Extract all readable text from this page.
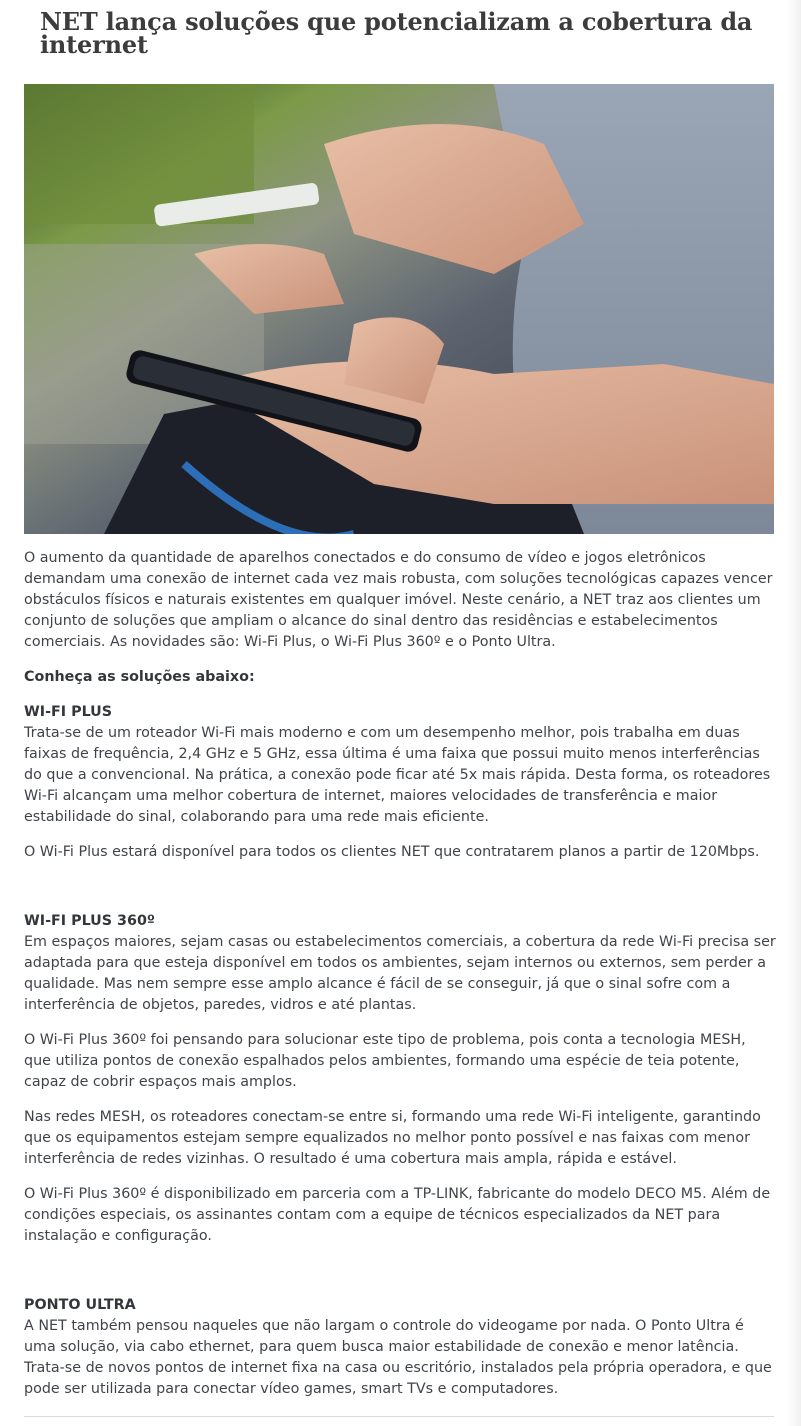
NET lança soluções que potencializam a cobertura da internet

O aumento da quantidade de aparelhos conectados e do consumo de vídeo e jogos eletrônicos demandam uma conexão de internet cada vez mais robusta, com soluções tecnológicas capazes vencer obstáculos físicos e naturais existentes em qualquer imóvel. Neste cenário, a NET traz aos clientes um conjunto de soluções que ampliam o alcance do sinal dentro das residências e estabelecimentos comerciais. As novidades são: Wi-Fi Plus, o Wi-Fi Plus 360º e o Ponto Ultra.

Conheça as soluções abaixo:

WI-FI PLUS

Trata-se de um roteador Wi-Fi mais moderno e com um desempenho melhor, pois trabalha em duas faixas de frequência, 2,4 GHz e 5 GHz, essa última é uma faixa que possui muito menos interferências do que a convencional. Na prática, a conexão pode ficar até 5x mais rápida. Desta forma, os roteadores Wi-Fi alcançam uma melhor cobertura de internet, maiores velocidades de transferência e maior estabilidade do sinal, colaborando para uma rede mais eficiente.

O Wi-Fi Plus estará disponível para todos os clientes NET que contratarem planos a partir de 120Mbps.

WI-FI PLUS 360º

Em espaços maiores, sejam casas ou estabelecimentos comerciais, a cobertura da rede Wi-Fi precisa ser adaptada para que esteja disponível em todos os ambientes, sejam internos ou externos, sem perder a qualidade. Mas nem sempre esse amplo alcance é fácil de se conseguir, já que o sinal sofre com a interferência de objetos, paredes, vidros e até plantas.

O Wi-Fi Plus 360º foi pensando para solucionar este tipo de problema, pois conta a tecnologia MESH, que utiliza pontos de conexão espalhados pelos ambientes, formando uma espécie de teia potente, capaz de cobrir espaços mais amplos.

Nas redes MESH, os roteadores conectam-se entre si, formando uma rede Wi-Fi inteligente, garantindo que os equipamentos estejam sempre equalizados no melhor ponto possível e nas faixas com menor interferência de redes vizinhas. O resultado é uma cobertura mais ampla, rápida e estável.

O Wi-Fi Plus 360º é disponibilizado em parceria com a TP-LINK, fabricante do modelo DECO M5. Além de condições especiais, os assinantes contam com a equipe de técnicos especializados da NET para instalação e configuração.

PONTO ULTRA

A NET também pensou naqueles que não largam o controle do videogame por nada. O Ponto Ultra é uma solução, via cabo ethernet, para quem busca maior estabilidade de conexão e menor latência. Trata-se de novos pontos de internet fixa na casa ou escritório, instalados pela própria operadora, e que pode ser utilizada para conectar vídeo games, smart TVs e computadores.
